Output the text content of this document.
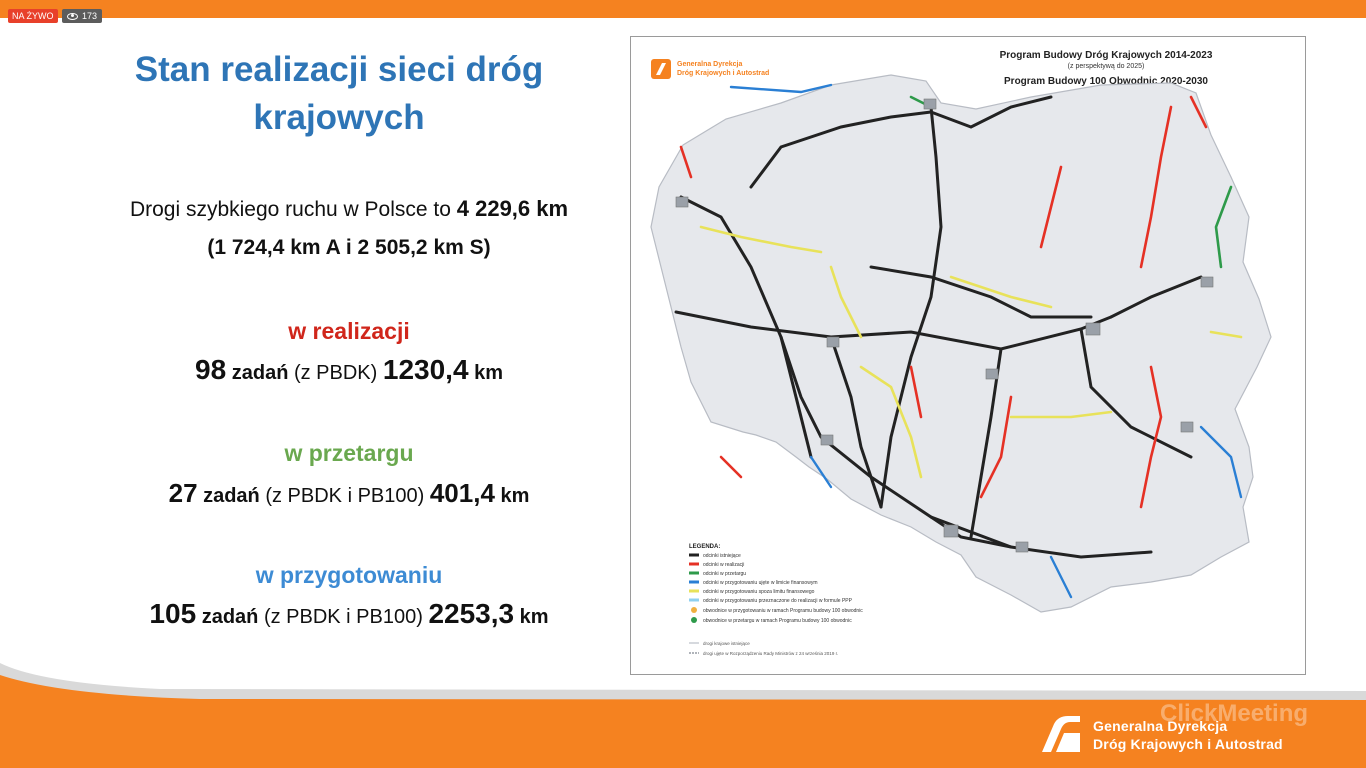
NA ŻYWO	173
Stan realizacji sieci dróg
krajowych

Drogi szybkiego ruchu w Polsce to 4 229,6 km

(1 724,4 km A i 2 505,2 km S)

w realizacji

98 zadań (z PBDK) 1230,4 km

w przetargu

27 zadań (z PBDK i PB100) 401,4 km

w przygotowaniu

105 zadań (z PBDK i PB100) 2253,3 km

Generalna Dyrekcja
Dróg Krajowych i Autostrad
Program Budowy Dróg Krajowych 2014-2023
(z perspektywą do 2025)
Program Budowy 100 Obwodnic 2020-2030
LEGENDA:
odcinki istniejące
odcinki w realizacji
odcinki w przetargu
odcinki w przygotowaniu ujęte w limicie finansowym
odcinki w przygotowaniu spoza limitu finansowego
odcinki w przygotowaniu przeznaczone do realizacji w formule PPP
obwodnice w przygotowaniu w ramach Programu budowy 100 obwodnic
obwodnice w przetargu w ramach Programu budowy 100 obwodnic
drogi krajowe istniejące
drogi ujęte w Rozporządzeniu Rady Ministrów z 24 września 2019 r.
ClickMeeting
Generalna Dyrekcja
Dróg Krajowych i Autostrad
